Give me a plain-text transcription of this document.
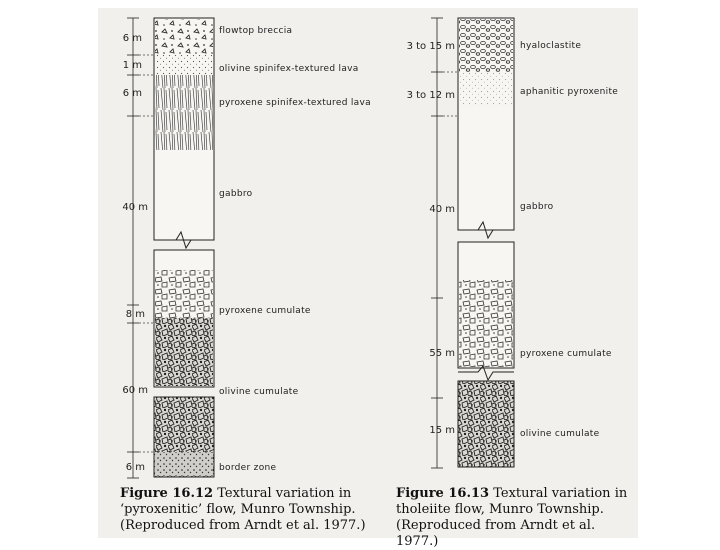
6 m
1 m
6 m
40 m
8 m
60 m
6 m
flowtop breccia
olivine spinifex-textured lava
pyroxene spinifex-textured lava
gabbro
pyroxene cumulate
olivine cumulate
border zone
3 to 15 m
3 to 12 m
40 m
55 m
15 m
hyaloclastite
aphanitic pyroxenite
gabbro
pyroxene cumulate
olivine cumulate

Figure 16.12 Textural variation in ‘pyroxenitic’ flow, Munro Township. (Reproduced from Arndt et al. 1977.)

Figure 16.13 Textural variation in tholeiite flow, Munro Township. (Reproduced from Arndt et al. 1977.)
